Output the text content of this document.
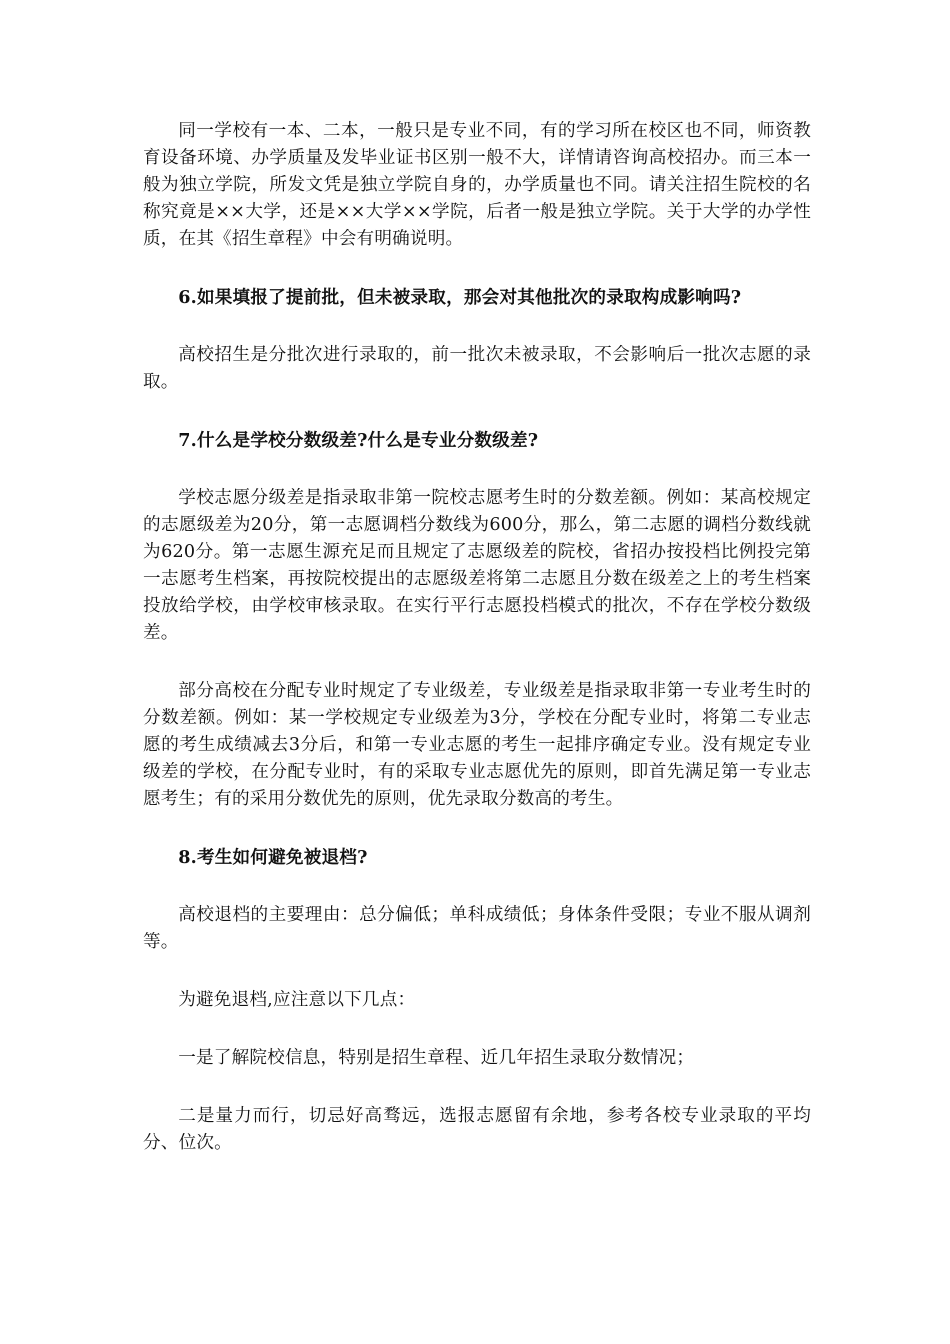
同一学校有一本、二本，一般只是专业不同，有的学习所在校区也不同，师资教育设备环境、办学质量及发毕业证书区别一般不大，详情请咨询高校招办。而三本一般为独立学院，所发文凭是独立学院自身的，办学质量也不同。请关注招生院校的名称究竟是××大学，还是××大学××学院，后者一般是独立学院。关于大学的办学性质，在其《招生章程》中会有明确说明。

6.如果填报了提前批，但未被录取，那会对其他批次的录取构成影响吗?

高校招生是分批次进行录取的，前一批次未被录取，不会影响后一批次志愿的录取。

7.什么是学校分数级差?什么是专业分数级差?

学校志愿分级差是指录取非第一院校志愿考生时的分数差额。例如：某高校规定的志愿级差为20分，第一志愿调档分数线为600分，那么，第二志愿的调档分数线就为620分。第一志愿生源充足而且规定了志愿级差的院校，省招办按投档比例投完第一志愿考生档案，再按院校提出的志愿级差将第二志愿且分数在级差之上的考生档案投放给学校，由学校审核录取。在实行平行志愿投档模式的批次，不存在学校分数级差。

部分高校在分配专业时规定了专业级差，专业级差是指录取非第一专业考生时的分数差额。例如：某一学校规定专业级差为3分，学校在分配专业时，将第二专业志愿的考生成绩减去3分后，和第一专业志愿的考生一起排序确定专业。没有规定专业级差的学校，在分配专业时，有的采取专业志愿优先的原则，即首先满足第一专业志愿考生；有的采用分数优先的原则，优先录取分数高的考生。

8.考生如何避免被退档?

高校退档的主要理由：总分偏低；单科成绩低；身体条件受限；专业不服从调剂等。

为避免退档,应注意以下几点：

一是了解院校信息，特别是招生章程、近几年招生录取分数情况；

二是量力而行，切忌好高骛远，选报志愿留有余地，参考各校专业录取的平均分、位次。
